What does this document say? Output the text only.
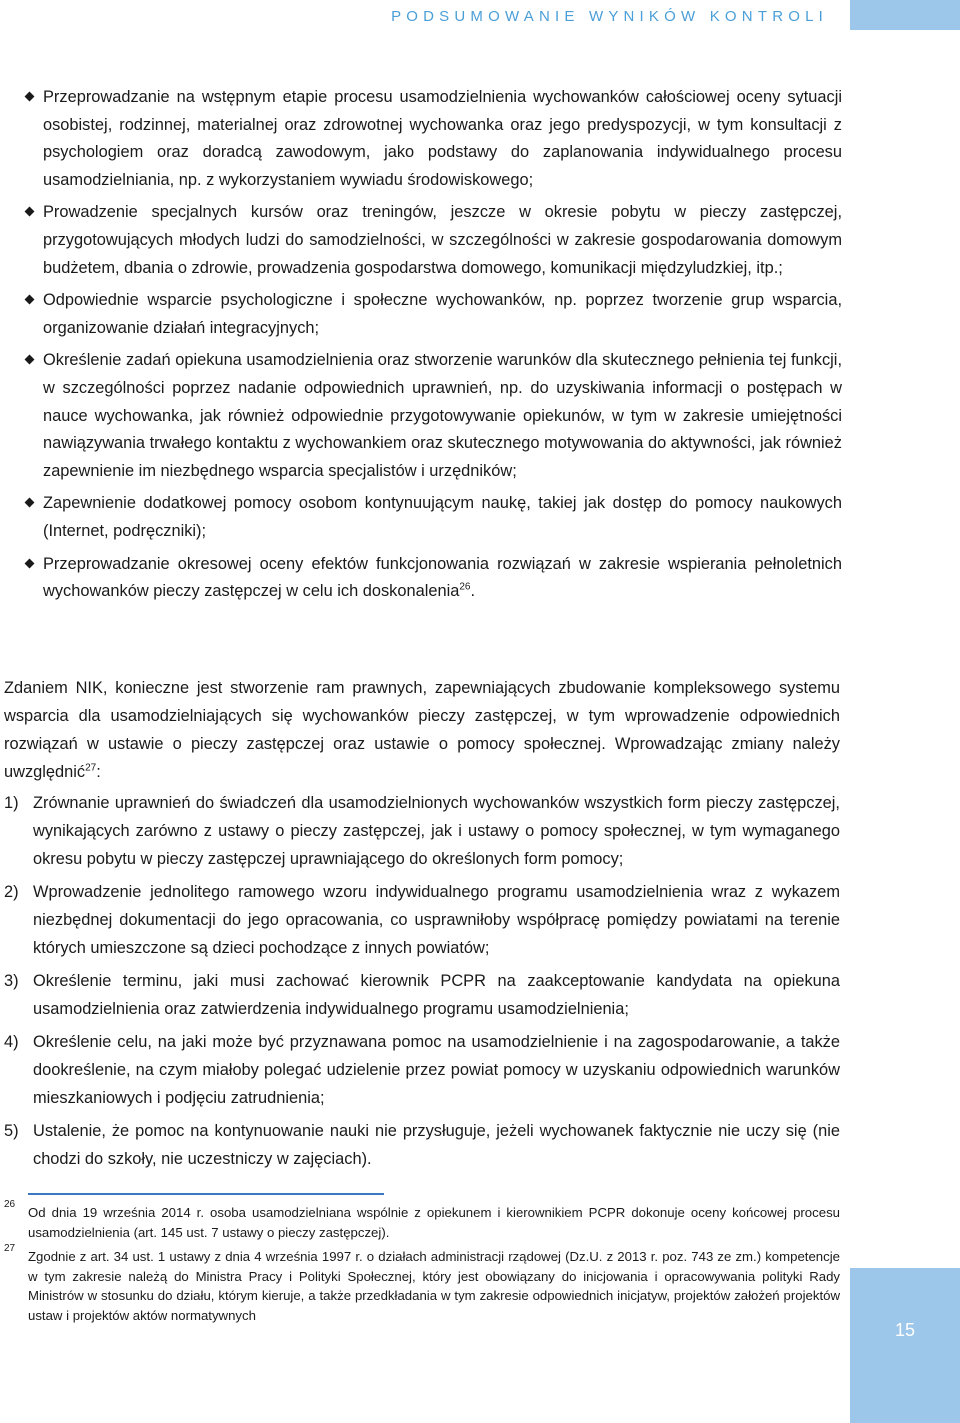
PODSUMOWANIE WYNIKÓW KONTROLI
Przeprowadzanie na wstępnym etapie procesu usamodzielnienia wychowanków całościowej oceny sytuacji osobistej, rodzinnej, materialnej oraz zdrowotnej wychowanka oraz jego predyspozycji, w tym konsultacji z psychologiem oraz doradcą zawodowym, jako podstawy do zaplanowania indywidualnego procesu usamodzielniania, np. z wykorzystaniem wywiadu środowiskowego;
Prowadzenie specjalnych kursów oraz treningów, jeszcze w okresie pobytu w pieczy zastępczej, przygotowujących młodych ludzi do samodzielności, w szczególności w zakresie gospodarowania domowym budżetem, dbania o zdrowie, prowadzenia gospodarstwa domowego, komunikacji międzyludzkiej, itp.;
Odpowiednie wsparcie psychologiczne i społeczne wychowanków, np. poprzez tworzenie grup wsparcia, organizowanie działań integracyjnych;
Określenie zadań opiekuna usamodzielnienia oraz stworzenie warunków dla skutecznego pełnienia tej funkcji, w szczególności poprzez nadanie odpowiednich uprawnień, np. do uzyskiwania informacji o postępach w nauce wychowanka, jak również odpowiednie przygotowywanie opiekunów, w tym w zakresie umiejętności nawiązywania trwałego kontaktu z wychowankiem oraz skutecznego motywowania do aktywności, jak również zapewnienie im niezbędnego wsparcia specjalistów i urzędników;
Zapewnienie dodatkowej pomocy osobom kontynuującym naukę, takiej jak dostęp do pomocy naukowych (Internet, podręczniki);
Przeprowadzanie okresowej oceny efektów funkcjonowania rozwiązań w zakresie wspierania pełnoletnich wychowanków pieczy zastępczej w celu ich doskonalenia$^{26}$.
Zdaniem NIK, konieczne jest stworzenie ram prawnych, zapewniających zbudowanie kompleksowego systemu wsparcia dla usamodzielniających się wychowanków pieczy zastępczej, w tym wprowadzenie odpowiednich rozwiązań w ustawie o pieczy zastępczej oraz ustawie o pomocy społecznej. Wprowadzając zmiany należy uwzględnić$^{27}$:
1) Zrównanie uprawnień do świadczeń dla usamodzielnionych wychowanków wszystkich form pieczy zastępczej, wynikających zarówno z ustawy o pieczy zastępczej, jak i ustawy o pomocy społecznej, w tym wymaganego okresu pobytu w pieczy zastępczej uprawniającego do określonych form pomocy;
2) Wprowadzenie jednolitego ramowego wzoru indywidualnego programu usamodzielnienia wraz z wykazem niezbędnej dokumentacji do jego opracowania, co usprawniłoby współpracę pomiędzy powiatami na terenie których umieszczone są dzieci pochodzące z innych powiatów;
3) Określenie terminu, jaki musi zachować kierownik PCPR na zaakceptowanie kandydata na opiekuna usamodzielnienia oraz zatwierdzenia indywidualnego programu usamodzielnienia;
4) Określenie celu, na jaki może być przyznawana pomoc na usamodzielnienie i na zagospodarowanie, a także dookreślenie, na czym miałoby polegać udzielenie przez powiat pomocy w uzyskaniu odpowiednich warunków mieszkaniowych i podjęciu zatrudnienia;
5) Ustalenie, że pomoc na kontynuowanie nauki nie przysługuje, jeżeli wychowanek faktycznie nie uczy się (nie chodzi do szkoły, nie uczestniczy w zajęciach).
26
Od dnia 19 września 2014 r. osoba usamodzielniana wspólnie z opiekunem i kierownikiem PCPR dokonuje oceny końcowej procesu usamodzielnienia (art. 145 ust. 7 ustawy o pieczy zastępczej).
27
Zgodnie z art. 34 ust. 1 ustawy z dnia 4 września 1997 r. o działach administracji rządowej (Dz.U. z 2013 r. poz. 743 ze zm.) kompetencje w tym zakresie należą do Ministra Pracy i Polityki Społecznej, który jest obowiązany do inicjowania i opracowywania polityki Rady Ministrów w stosunku do działu, którym kieruje, a także przedkładania w tym zakresie odpowiednich inicjatyw, projektów założeń projektów ustaw i projektów aktów normatywnych
15
